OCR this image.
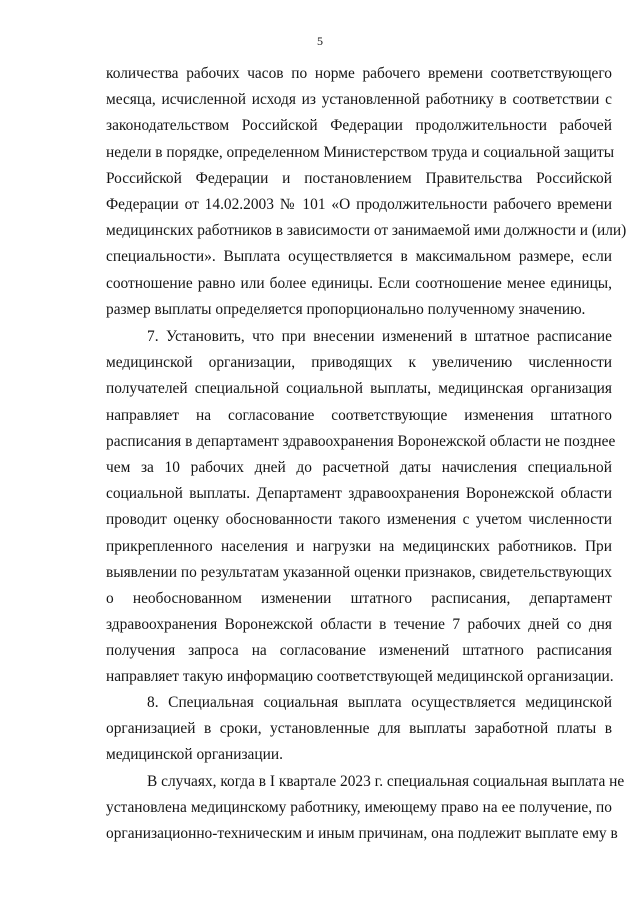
5
количества рабочих часов по норме рабочего времени соответствующего
месяца, исчисленной исходя из установленной работнику в соответствии с
законодательством Российской Федерации продолжительности рабочей
недели в порядке, определенном Министерством труда и социальной защиты
Российской Федерации и постановлением Правительства Российской
Федерации от 14.02.2003 № 101 «О продолжительности рабочего времени
медицинских работников в зависимости от занимаемой ими должности и (или)
специальности». Выплата осуществляется в максимальном размере, если
соотношение равно или более единицы. Если соотношение менее единицы,
размер выплаты определяется пропорционально полученному значению.
7. Установить, что при внесении изменений в штатное расписание
медицинской организации, приводящих к увеличению численности
получателей специальной социальной выплаты, медицинская организация
направляет на согласование соответствующие изменения штатного
расписания в департамент здравоохранения Воронежской области не позднее
чем за 10 рабочих дней до расчетной даты начисления специальной
социальной выплаты. Департамент здравоохранения Воронежской области
проводит оценку обоснованности такого изменения с учетом численности
прикрепленного населения и нагрузки на медицинских работников. При
выявлении по результатам указанной оценки признаков, свидетельствующих
о необоснованном изменении штатного расписания, департамент
здравоохранения Воронежской области в течение 7 рабочих дней со дня
получения запроса на согласование изменений штатного расписания
направляет такую информацию соответствующей медицинской организации.
8. Специальная социальная выплата осуществляется медицинской
организацией в сроки, установленные для выплаты заработной платы в
медицинской организации.
В случаях, когда в I квартале 2023 г. специальная социальная выплата не
установлена медицинскому работнику, имеющему право на ее получение, по
организационно-техническим и иным причинам, она подлежит выплате ему в
